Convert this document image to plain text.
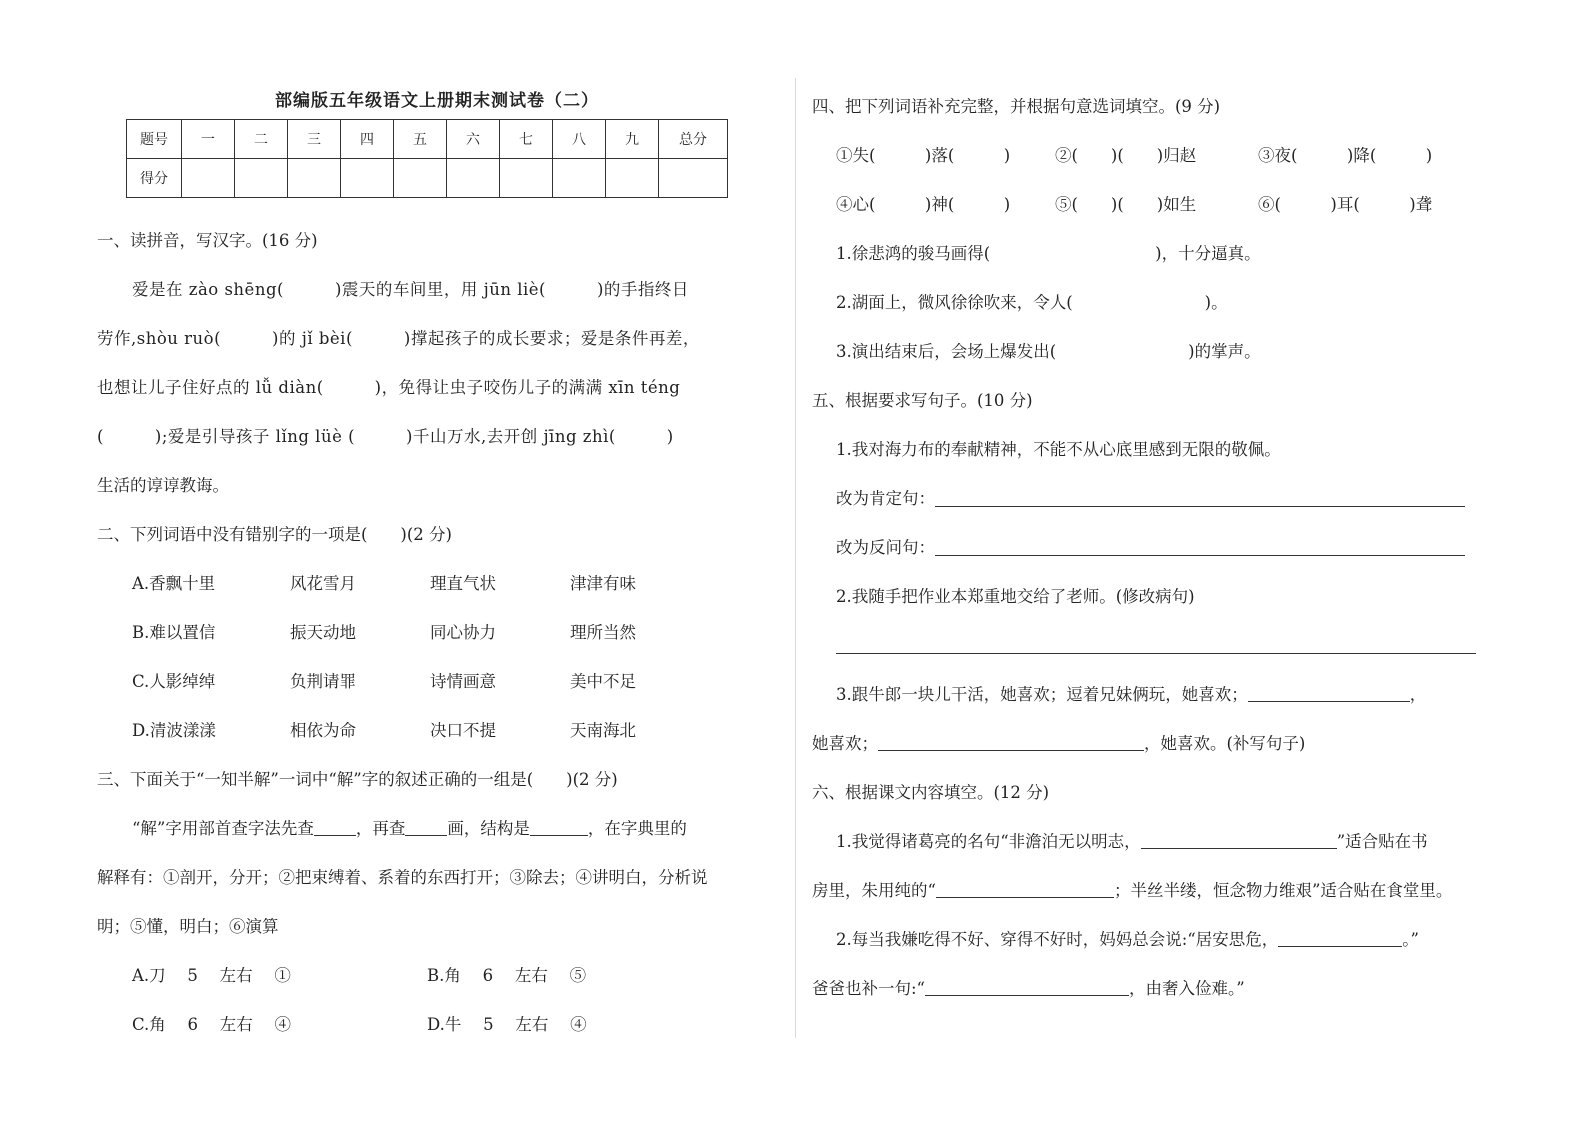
部编版五年级语文上册期末测试卷（二）
题号	一	二	三	四	五	六	七	八	九	总分
得分										
一、读拼音，写汉字。(16 分)
爱是在 zào shēng(　　　)震天的车间里，用 jūn liè(　　　)的手指终日
劳作,shòu ruò(　　　)的 jǐ bèi(　　　)撑起孩子的成长要求；爱是条件再差，
也想让儿子住好点的 lǚ diàn(　　　)，免得让虫子咬伤儿子的满满 xīn téng
(　　　);爱是引导孩子 lǐng lüè (　　　)千山万水,去开创 jīng zhì(　　　)
生活的谆谆教诲。
二、下列词语中没有错别字的一项是(　　)(2 分)
A.香飘十里	风花雪月	理直气状	津津有味
B.难以置信	振天动地	同心协力	理所当然
C.人影绰绰	负荆请罪	诗情画意	美中不足
D.清波漾漾	相依为命	决口不提	天南海北
三、下面关于“一知半解”一词中“解”字的叙述正确的一组是(　　)(2 分)
“解”字用部首查字法先查	，再查	画，结构是	，在字典里的
解释有：①剖开，分开；②把束缚着、系着的东西打开；③除去；④讲明白，分析说
明；⑤懂，明白；⑥演算
A.刀　 5　 左右　 ①	B.角　 6　 左右　 ⑤
C.角　 6　 左右　 ④	D.牛　 5　 左右　 ④
四、把下列词语补充完整，并根据句意选词填空。(9 分)
①失(　　　)落(　　　)	②(　　)(　　)归赵	③夜(　　　)降(　　　)
④心(　　　)神(　　　)	⑤(　　)(　　)如生	⑥(　　　)耳(　　　)聋
1.徐悲鸿的骏马画得(　　　　　　　　　　)，十分逼真。
2.湖面上，微风徐徐吹来，令人(　　　　　　　　)。
3.演出结束后，会场上爆发出(　　　　　　　　)的掌声。
五、根据要求写句子。(10 分)
1.我对海力布的奉献精神，不能不从心底里感到无限的敬佩。
改为肯定句：
改为反问句：
2.我随手把作业本郑重地交给了老师。(修改病句)
3.跟牛郎一块儿干活，她喜欢；逗着兄妹俩玩，她喜欢；	，
她喜欢；	，她喜欢。(补写句子)
六、根据课文内容填空。(12 分)
1.我觉得诸葛亮的名句“非澹泊无以明志，	”适合贴在书
房里，朱用纯的“	；半丝半缕，恒念物力维艰”适合贴在食堂里。
2.每当我嫌吃得不好、穿得不好时，妈妈总会说:“居安思危，	。”
爸爸也补一句:“	，由奢入俭难。”
